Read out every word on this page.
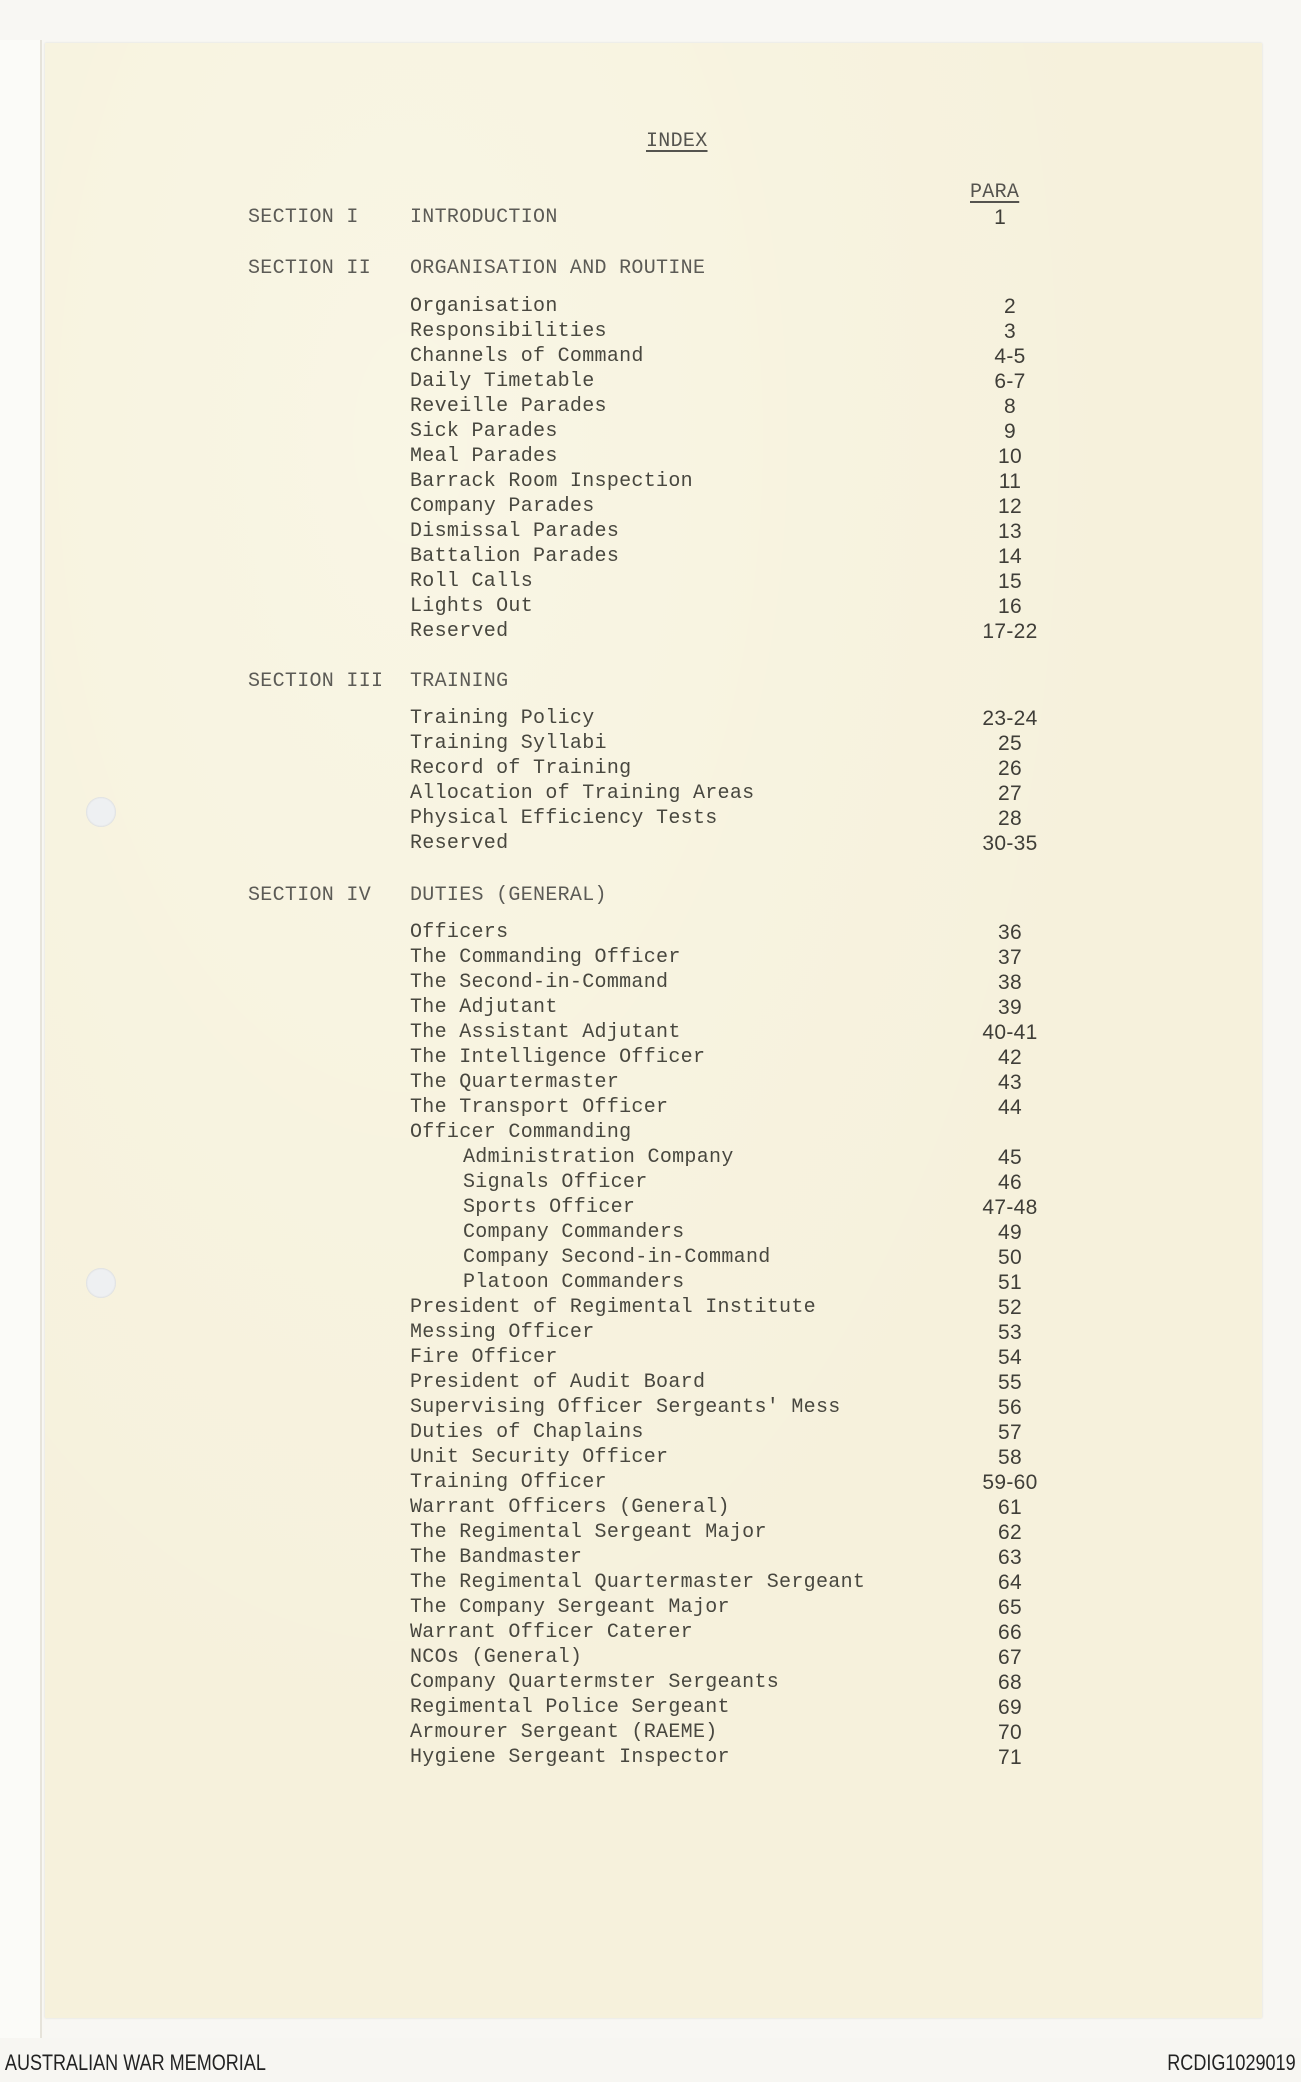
INDEX
PARA
SECTION I	INTRODUCTION	1
SECTION II ORGANISATION AND ROUTINE
Organisation	2
Responsibilities	3
Channels of Command	4-5
Daily Timetable	6-7
Reveille Parades	8
Sick Parades	9
Meal Parades	10
Barrack Room Inspection	11
Company Parades	12
Dismissal Parades	13
Battalion Parades	14
Roll Calls	15
Lights Out	16
Reserved	17-22
SECTION III TRAINING
Training Policy	23-24
Training Syllabi	25
Record of Training	26
Allocation of Training Areas	27
Physical Efficiency Tests	28
Reserved	30-35
SECTION IV DUTIES (GENERAL)
Officers	36
The Commanding Officer	37
The Second-in-Command	38
The Adjutant	39
The Assistant Adjutant	40-41
The Intelligence Officer	42
The Quartermaster	43
The Transport Officer	44
Officer Commanding
Administration Company	45
Signals Officer	46
Sports Officer	47-48
Company Commanders	49
Company Second-in-Command	50
Platoon Commanders	51
President of Regimental Institute	52
Messing Officer	53
Fire Officer	54
President of Audit Board	55
Supervising Officer Sergeants' Mess	56
Duties of Chaplains	57
Unit Security Officer	58
Training Officer	59-60
Warrant Officers (General)	61
The Regimental Sergeant Major	62
The Bandmaster	63
The Regimental Quartermaster Sergeant	64
The Company Sergeant Major	65
Warrant Officer Caterer	66
NCOs (General)	67
Company Quartermster Sergeants	68
Regimental Police Sergeant	69
Armourer Sergeant (RAEME)	70
Hygiene Sergeant Inspector	71
AUSTRALIAN WAR MEMORIAL	RCDIG1029019
